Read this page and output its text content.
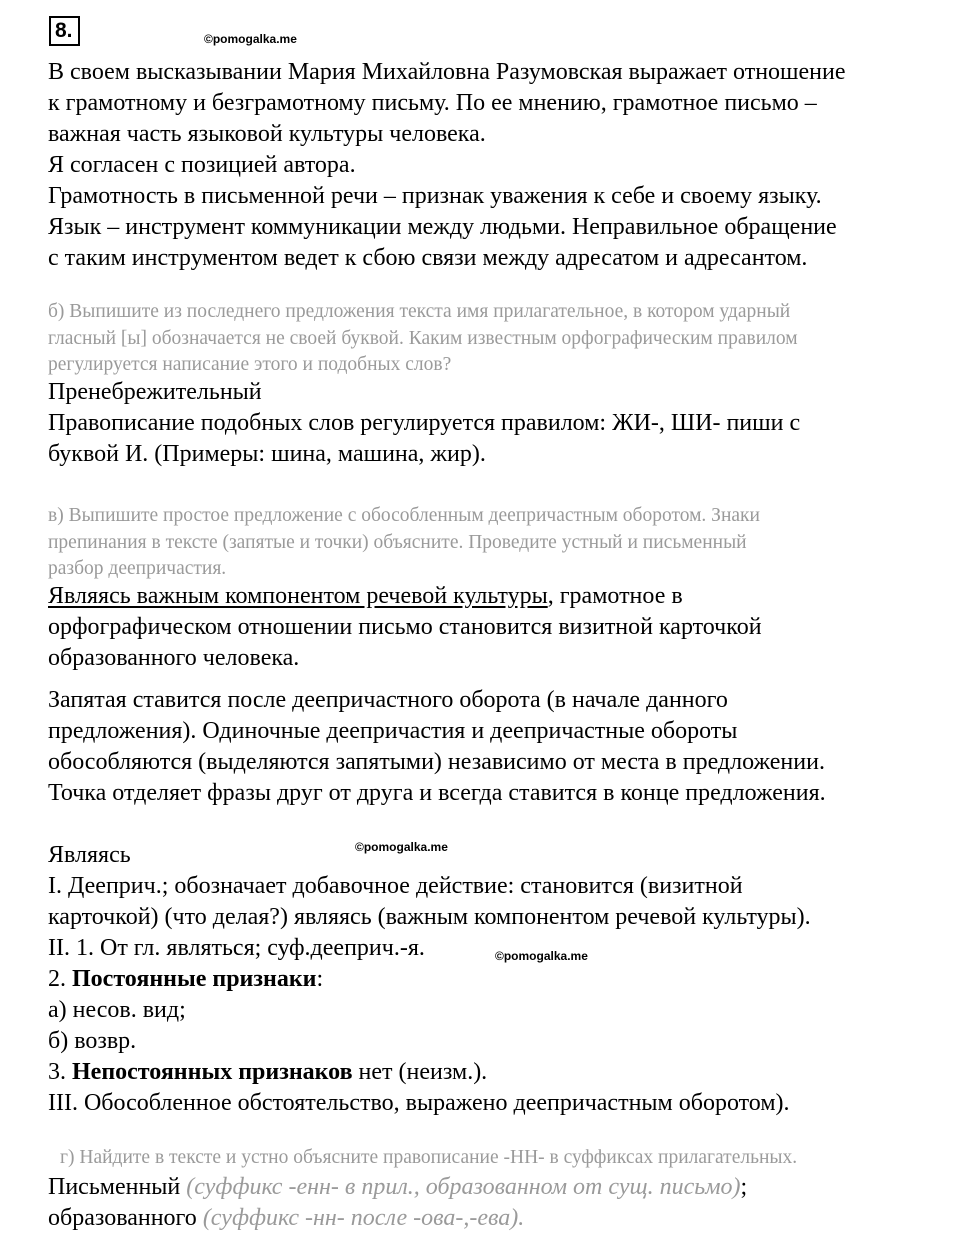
8.	©pomogalka.me
В своем высказывании Мария Михайловна Разумовская выражает отношение
к грамотному и безграмотному письму. По ее мнению, грамотное письмо –
важная часть языковой культуры человека.
Я согласен с позицией автора.
Грамотность в письменной речи – признак уважения к себе и своему языку.
Язык – инструмент коммуникации между людьми. Неправильное обращение
с таким инструментом ведет к сбою связи между адресатом и адресантом.
б) Выпишите из последнего предложения текста имя прилагательное, в котором ударный
гласный [ы] обозначается не своей буквой. Каким известным орфографическим правилом
регулируется написание этого и подобных слов?
Пренебрежительный
Правописание подобных слов регулируется правилом: ЖИ-, ШИ- пиши с
буквой И. (Примеры: шина, машина, жир).
в) Выпишите простое предложение с обособленным деепричастным оборотом. Знаки
препинания в тексте (запятые и точки) объясните. Проведите устный и письменный
разбор деепричастия.
Являясь важным компонентом речевой культуры, грамотное в
орфографическом отношении письмо становится визитной карточкой
образованного человека.
Запятая ставится после деепричастного оборота (в начале данного
предложения). Одиночные деепричастия и деепричастные обороты
обособляются (выделяются запятыми) независимо от места в предложении.
Точка отделяет фразы друг от друга и всегда ставится в конце предложения.
©pomogalka.me
©pomogalka.me
Являясь
I. Дееприч.; обозначает добавочное действие: становится (визитной
карточкой) (что делая?) являясь (важным компонентом речевой культуры).
II. 1. От гл. являться; суф.дееприч.-я.
2. Постоянные признаки:
а) несов. вид;
б) возвр.
3. Непостоянных признаков нет (неизм.).
III. Обособленное обстоятельство, выражено деепричастным оборотом).
г) Найдите в тексте и устно объясните правописание -НН- в суффиксах прилагательных.
Письменный (суффикс -енн- в прил., образованном от сущ. письмо);
образованного (суффикс -нн- после -ова-,-ева).
